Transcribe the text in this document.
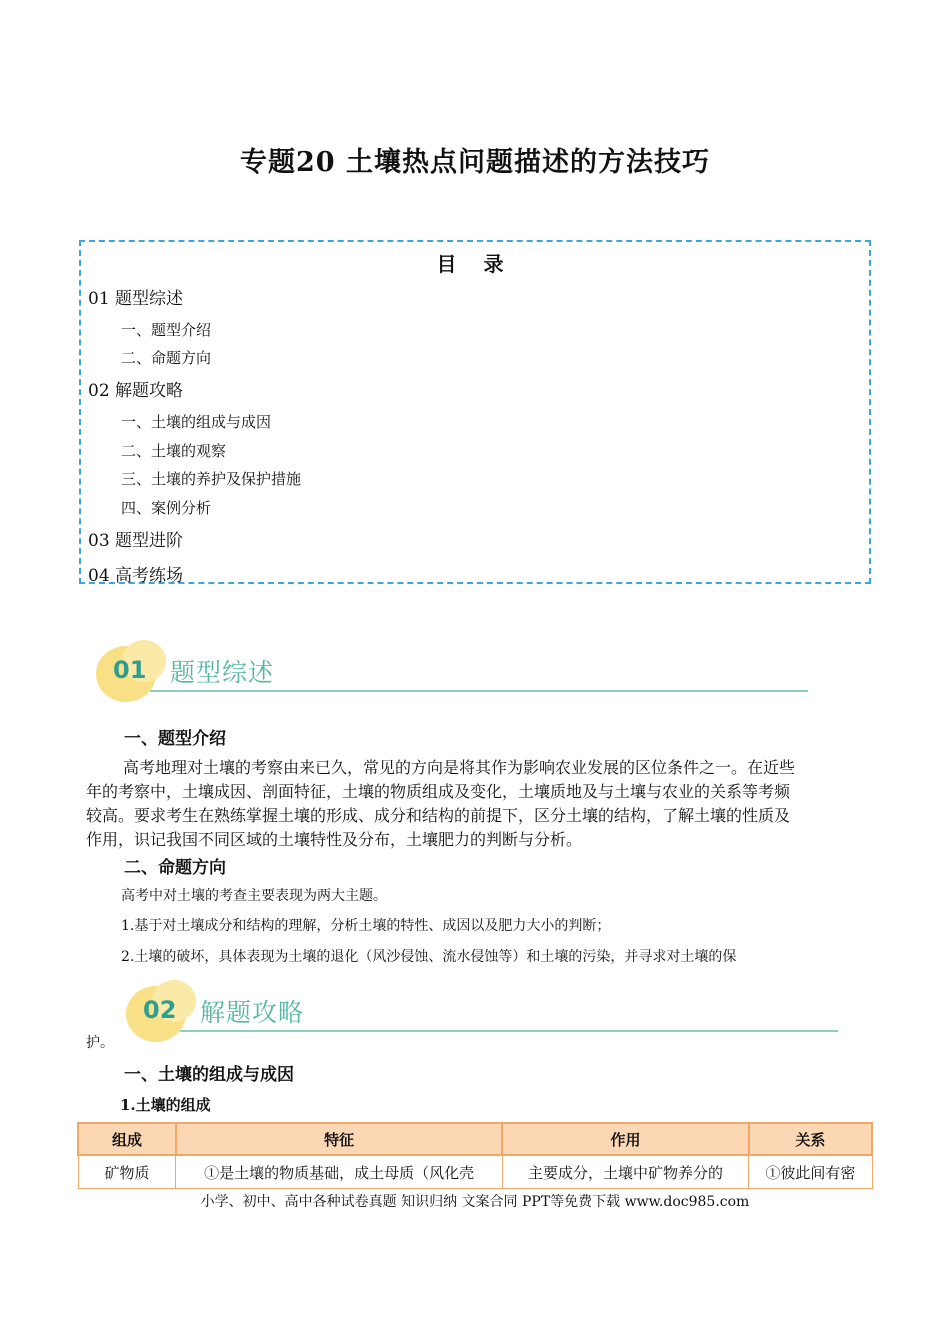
专题20 土壤热点问题描述的方法技巧
目 录
01 题型综述
一、题型介绍
二、命题方向
02 解题攻略
一、土壤的组成与成因
二、土壤的观察
三、土壤的养护及保护措施
四、案例分析
03 题型进阶
04 高考练场
01 题型综述
一、题型介绍
高考地理对土壤的考察由来已久，常见的方向是将其作为影响农业发展的区位条件之一。在近些
年的考察中，土壤成因、剖面特征，土壤的物质组成及变化，土壤质地及与土壤与农业的关系等考频
较高。要求考生在熟练掌握土壤的形成、成分和结构的前提下，区分土壤的结构，了解土壤的性质及
作用，识记我国不同区域的土壤特性及分布，土壤肥力的判断与分析。
二、命题方向
高考中对土壤的考查主要表现为两大主题。
1.基于对土壤成分和结构的理解，分析土壤的特性、成因以及肥力大小的判断；
2.土壤的破坏，具体表现为土壤的退化（风沙侵蚀、流水侵蚀等）和土壤的污染，并寻求对土壤的保
02 解题攻略
护。
一、土壤的组成与成因
1.土壤的组成
组成	特征	作用	关系
矿物质	①是土壤的物质基础，成土母质（风化壳	主要成分，土壤中矿物养分的	①彼此间有密
小学、初中、高中各种试卷真题 知识归纳 文案合同 PPT等免费下载 www.doc985.com
